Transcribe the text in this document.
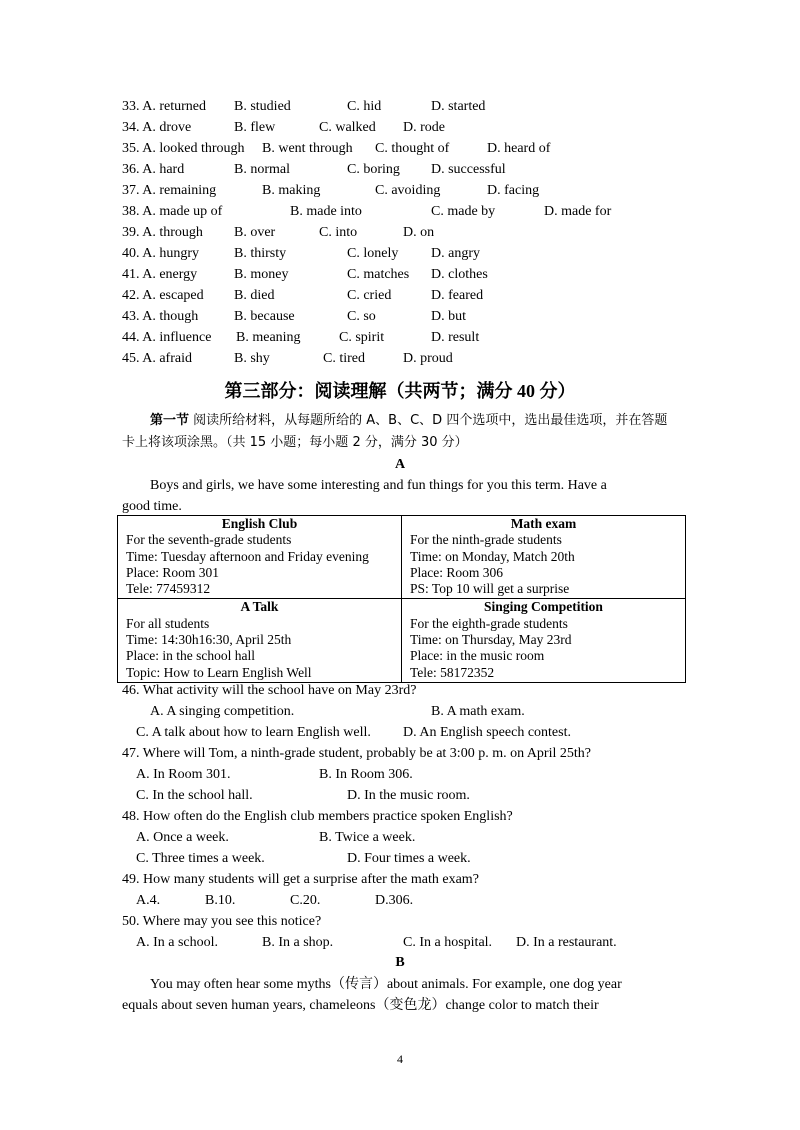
33. A. returned B. studied	C. hid	D. started
34. A. drove	B. flew	C. walked D. rode
35. A. looked through B. went through C. thought of	D. heard of
36. A. hard	B. normal	C. boring D. successful
37. A. remaining	B. making	C. avoiding	D. facing
38. A. made up of	B. made into	C. made by	D. made for
39. A. through B. over	C. into	D. on
40. A. hungry	B. thirsty	C. lonely D. angry
41. A. energy	B. money	C. matches D. clothes
42. A. escaped B. died	C. cried	D. feared
43. A. though	B. because	C. so	D. but
44. A. influence B. meaning	C. spirit	D. result
45. A. afraid	B. shy	C. tired	D. proud
第三部分：阅读理解（共两节；满分 40 分）
第一节 阅读所给材料，从每题所给的 A、B、C、D 四个选项中，选出最佳选项，并在答题
卡上将该项涂黑。（共 15 小题；每小题 2 分，满分 30 分）
A
Boys and girls, we have some interesting and fun things for you this term. Have a
good time.
English Club
For the seventh-grade students
Time: Tuesday afternoon and Friday evening
Place: Room 301
Tele: 77459312	Math exam
For the ninth-grade students
Time: on Monday, Match 20th
Place: Room 306
PS: Top 10 will get a surprise

A Talk
For all students
Time: 14:30h16:30, April 25th
Place: in the school hall
Topic: How to Learn English Well	Singing Competition
For the eighth-grade students
Time: on Thursday, May 23rd
Place: in the music room
Tele: 58172352
46. What activity will the school have on May 23rd?
A. A singing competition.	B. A math exam.
C. A talk about how to learn English well. D. An English speech contest.
47. Where will Tom, a ninth-grade student, probably be at 3:00 p. m. on April 25th?
A. In Room 301.	B. In Room 306.
C. In the school hall.	D. In the music room.
48. How often do the English club members practice spoken English?
A. Once a week.	B. Twice a week.
C. Three times a week.	D. Four times a week.
49. How many students will get a surprise after the math exam?
A.4.	B.10.	C.20.	D.306.
50. Where may you see this notice?
A. In a school.	B. In a shop.	C. In a hospital. D. In a restaurant.
B
You may often hear some myths（传言）about animals. For example, one dog year
equals about seven human years, chameleons（变色龙）change color to match their
4
